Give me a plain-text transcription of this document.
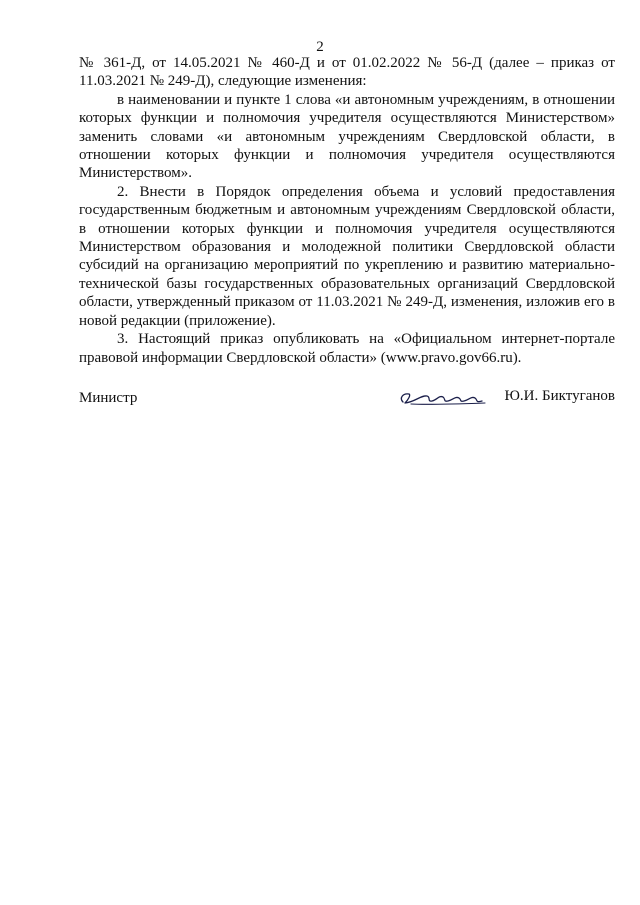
2

№ 361-Д, от 14.05.2021 № 460-Д и от 01.02.2022 № 56-Д (далее – приказ от 11.03.2021 № 249-Д), следующие изменения:

в наименовании и пункте 1 слова «и автономным учреждениям, в отношении которых функции и полномочия учредителя осуществляются Министерством» заменить словами «и автономным учреждениям Свердловской области, в отношении которых функции и полномочия учредителя осуществляются Министерством».

2. Внести в Порядок определения объема и условий предоставления государственным бюджетным и автономным учреждениям Свердловской области, в отношении которых функции и полномочия учредителя осуществляются Министерством образования и молодежной политики Свердловской области субсидий на организацию мероприятий по укреплению и развитию материально-технической базы государственных образовательных организаций Свердловской области, утвержденный приказом от 11.03.2021 № 249-Д, изменения, изложив его в новой редакции (приложение).

3. Настоящий приказ опубликовать на «Официальном интернет-портале правовой информации Свердловской области» (www.pravo.gov66.ru).

Министр	Ю.И. Биктуганов
